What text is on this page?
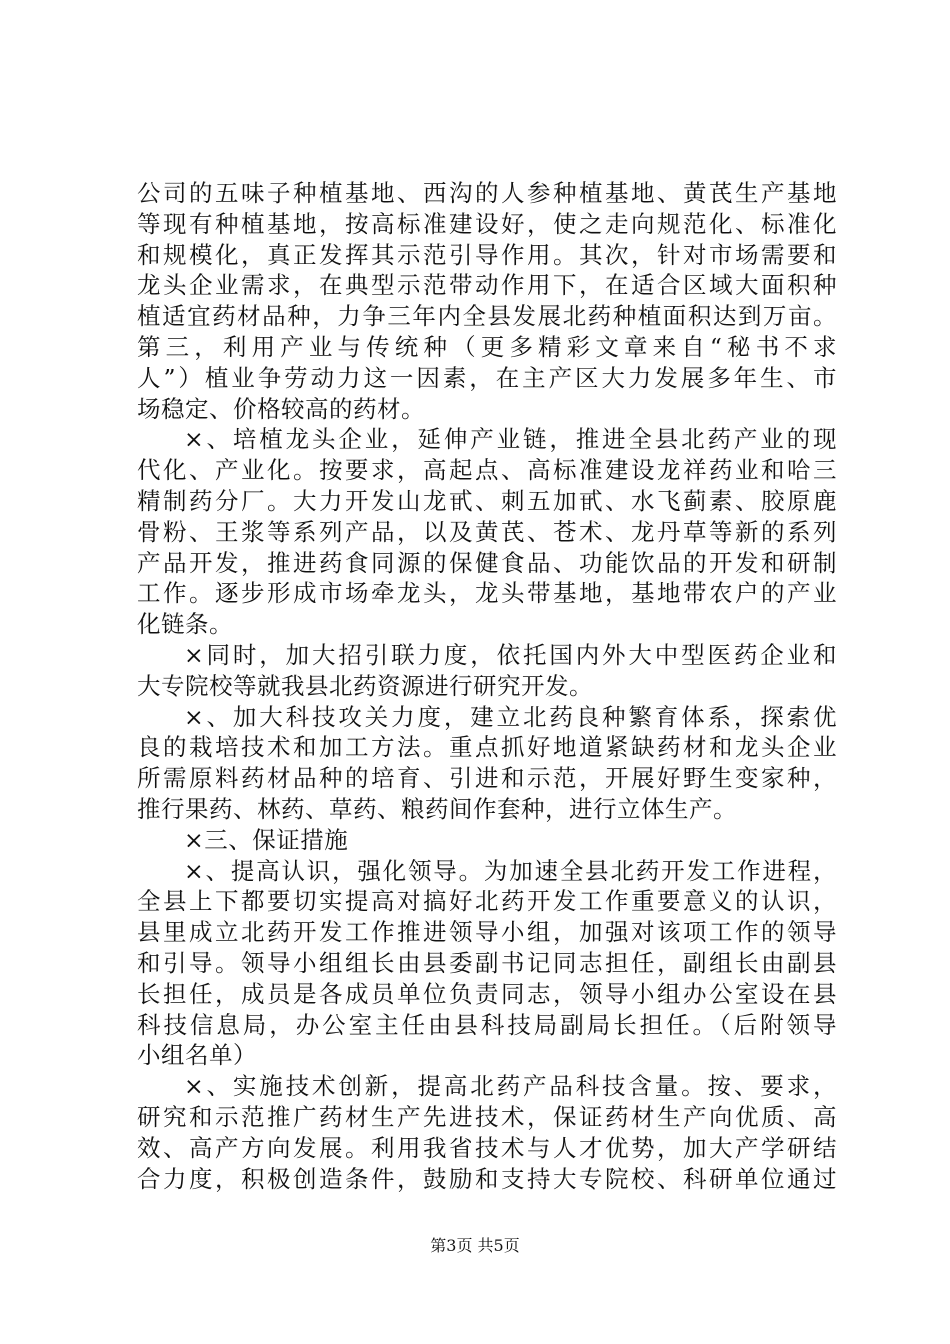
公司的五味子种植基地、西沟的人参种植基地、黄芪生产基地
等现有种植基地，按高标准建设好，使之走向规范化、标准化
和规模化，真正发挥其示范引导作用。其次，针对市场需要和
龙头企业需求，在典型示范带动作用下，在适合区域大面积种
植适宜药材品种，力争三年内全县发展北药种植面积达到万亩。
第三，利用产业与传统种（更多精彩文章来自“秘书不求
人”）植业争劳动力这一因素，在主产区大力发展多年生、市
场稳定、价格较高的药材。
×、培植龙头企业，延伸产业链，推进全县北药产业的现
代化、产业化。按要求，高起点、高标准建设龙祥药业和哈三
精制药分厂。大力开发山龙甙、刺五加甙、水飞蓟素、胶原鹿
骨粉、王浆等系列产品，以及黄芪、苍术、龙丹草等新的系列
产品开发，推进药食同源的保健食品、功能饮品的开发和研制
工作。逐步形成市场牵龙头，龙头带基地，基地带农户的产业
化链条。
×同时，加大招引联力度，依托国内外大中型医药企业和
大专院校等就我县北药资源进行研究开发。
×、加大科技攻关力度，建立北药良种繁育体系，探索优
良的栽培技术和加工方法。重点抓好地道紧缺药材和龙头企业
所需原料药材品种的培育、引进和示范，开展好野生变家种，
推行果药、林药、草药、粮药间作套种，进行立体生产。
×三、保证措施
×、提高认识，强化领导。为加速全县北药开发工作进程，
全县上下都要切实提高对搞好北药开发工作重要意义的认识，
县里成立北药开发工作推进领导小组，加强对该项工作的领导
和引导。领导小组组长由县委副书记同志担任，副组长由副县
长担任，成员是各成员单位负责同志，领导小组办公室设在县
科技信息局，办公室主任由县科技局副局长担任。（后附领导
小组名单）
×、实施技术创新，提高北药产品科技含量。按、要求，
研究和示范推广药材生产先进技术，保证药材生产向优质、高
效、高产方向发展。利用我省技术与人才优势，加大产学研结
合力度，积极创造条件，鼓励和支持大专院校、科研单位通过
第3页 共5页
